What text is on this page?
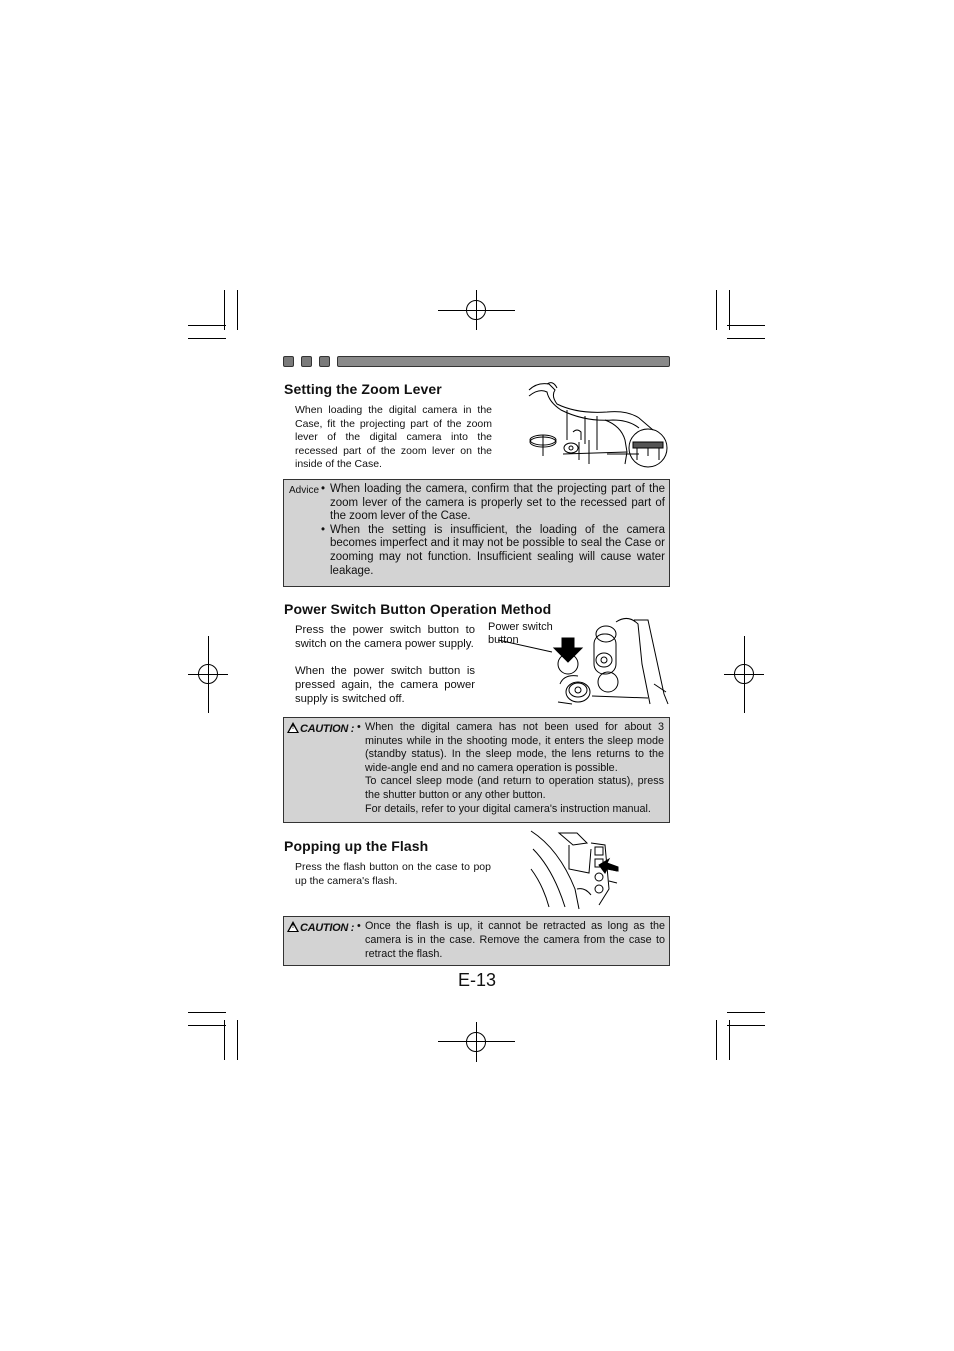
Setting the Zoom Lever

When loading the digital camera in the Case, fit the projecting part of the zoom lever of the digital camera into the recessed part of the zoom lever on the inside of the Case.

Advice • When loading the camera, confirm that the projecting part of the zoom lever of the camera is properly set to the recessed part of the zoom lever of the Case.
• When the setting is insufficient, the loading of the camera becomes imperfect and it may not be possible to seal the Case or zooming may not function. Insufficient sealing will cause water leakage.
Power Switch Button Operation Method

Press the power switch button to switch on the camera power supply.

When the power switch button is pressed again, the camera power supply is switched off.

Power switch
button
!CAUTION : • When the digital camera has not been used for about 3 minutes while in the shooting mode, it enters the sleep mode (standby status). In the sleep mode, the lens returns to the wide-angle end and no camera operation is possible.
To cancel sleep mode (and return to operation status), press the shutter button or any other button.
For details, refer to your digital camera's instruction manual.
Popping up the Flash

Press the flash button on the case to pop up the camera's flash.

!CAUTION : • Once the flash is up, it cannot be retracted as long as the camera is in the case. Remove the camera from the case to retract the flash.
E-13
